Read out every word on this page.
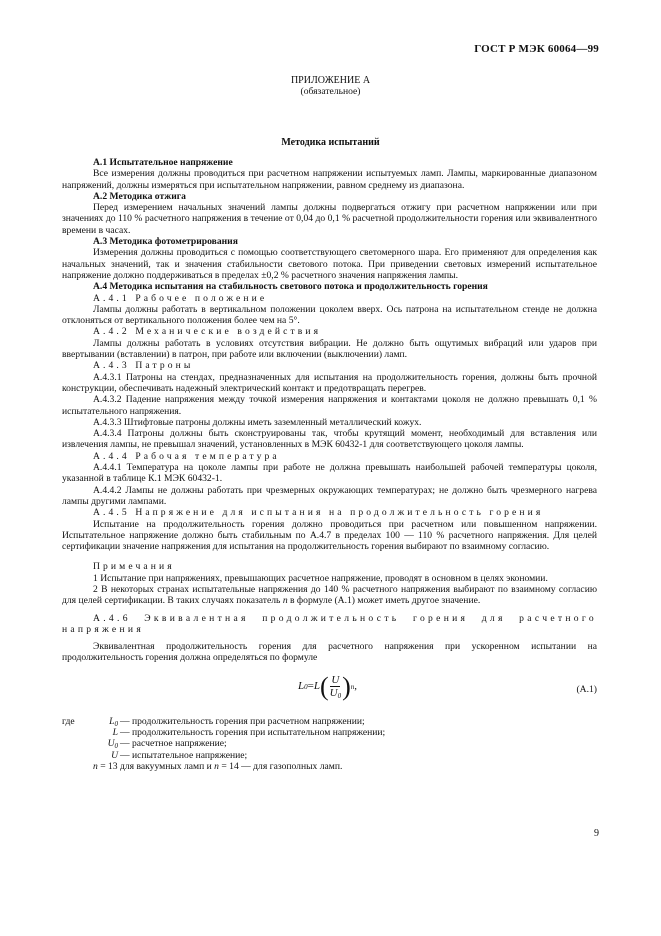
ГОСТ Р МЭК 60064—99
ПРИЛОЖЕНИЕ А
(обязательное)
Методика испытаний

А.1 Испытательное напряжение

Все измерения должны проводиться при расчетном напряжении испытуемых ламп. Лампы, маркированные диапазоном напряжений, должны измеряться при испытательном напряжении, равном среднему из диапазона.

А.2 Методика отжига

Перед измерением начальных значений лампы должны подвергаться отжигу при расчетном напряжении или при значениях до 110 % расчетного напряжения в течение от 0,04 до 0,1 % расчетной продолжительности горения или эквивалентного времени в часах.

А.3 Методика фотометрирования

Измерения должны проводиться с помощью соответствующего светомерного шара. Его применяют для определения как начальных значений, так и значения стабильности светового потока. При приведении световых измерений испытательное напряжение должно поддерживаться в пределах ±0,2 % расчетного значения напряжения лампы.

А.4 Методика испытания на стабильность светового потока и продолжительность горения

А.4.1 Рабочее положение

Лампы должны работать в вертикальном положении цоколем вверх. Ось патрона на испытательном стенде не должна отклоняться от вертикального положения более чем на 5°.

А.4.2 Механические воздействия

Лампы должны работать в условиях отсутствия вибрации. Не должно быть ощутимых вибраций или ударов при ввертывании (вставлении) в патрон, при работе или включении (выключении) ламп.

А.4.3 Патроны

А.4.3.1 Патроны на стендах, предназначенных для испытания на продолжительность горения, должны быть прочной конструкции, обеспечивать надежный электрический контакт и предотвращать перегрев.

А.4.3.2 Падение напряжения между точкой измерения напряжения и контактами цоколя не должно превышать 0,1 % испытательного напряжения.

А.4.3.3 Штифтовые патроны должны иметь заземленный металлический кожух.

А.4.3.4 Патроны должны быть сконструированы так, чтобы крутящий момент, необходимый для вставления или извлечения лампы, не превышал значений, установленных в МЭК 60432-1 для соответствующего цоколя лампы.

А.4.4 Рабочая температура

А.4.4.1 Температура на цоколе лампы при работе не должна превышать наибольшей рабочей температуры цоколя, указанной в таблице К.1 МЭК 60432-1.

А.4.4.2 Лампы не должны работать при чрезмерных окружающих температурах; не должно быть чрезмерного нагрева лампы другими лампами.

А.4.5 Напряжение для испытания на продолжительность горения

Испытание на продолжительность горения должно проводиться при расчетном или повышенном напряжении. Испытательное напряжение должно быть стабильным по А.4.7 в пределах 100 — 110 % расчетного напряжения. Для целей сертификации значение напряжения для испытания на продолжительность горения выбирают по взаимному согласию.

Примечания

1 Испытание при напряжениях, превышающих расчетное напряжение, проводят в основном в целях экономии.

2 В некоторых странах испытательные напряжения до 140 % расчетного напряжения выбирают по взаимному согласию для целей сертификации. В таких случаях показатель n в формуле (А.1) может иметь другое значение.

А.4.6 Эквивалентная продолжительность горения для расчетного напряжения

Эквивалентная продолжительность горения для расчетного напряжения при ускоренном испытании на продолжительность горения должна определяться по формуле

L 0 = L ( $\frac{U}{U_0}$ ) n ,	(А.1)
где	$L_0$ — продолжительность горения при расчетном напряжении;
L — продолжительность горения при испытательном напряжении;
$U_0$ — расчетное напряжение;
U — испытательное напряжение;

n = 13 для вакуумных ламп и n = 14 — для газополных ламп.

9
